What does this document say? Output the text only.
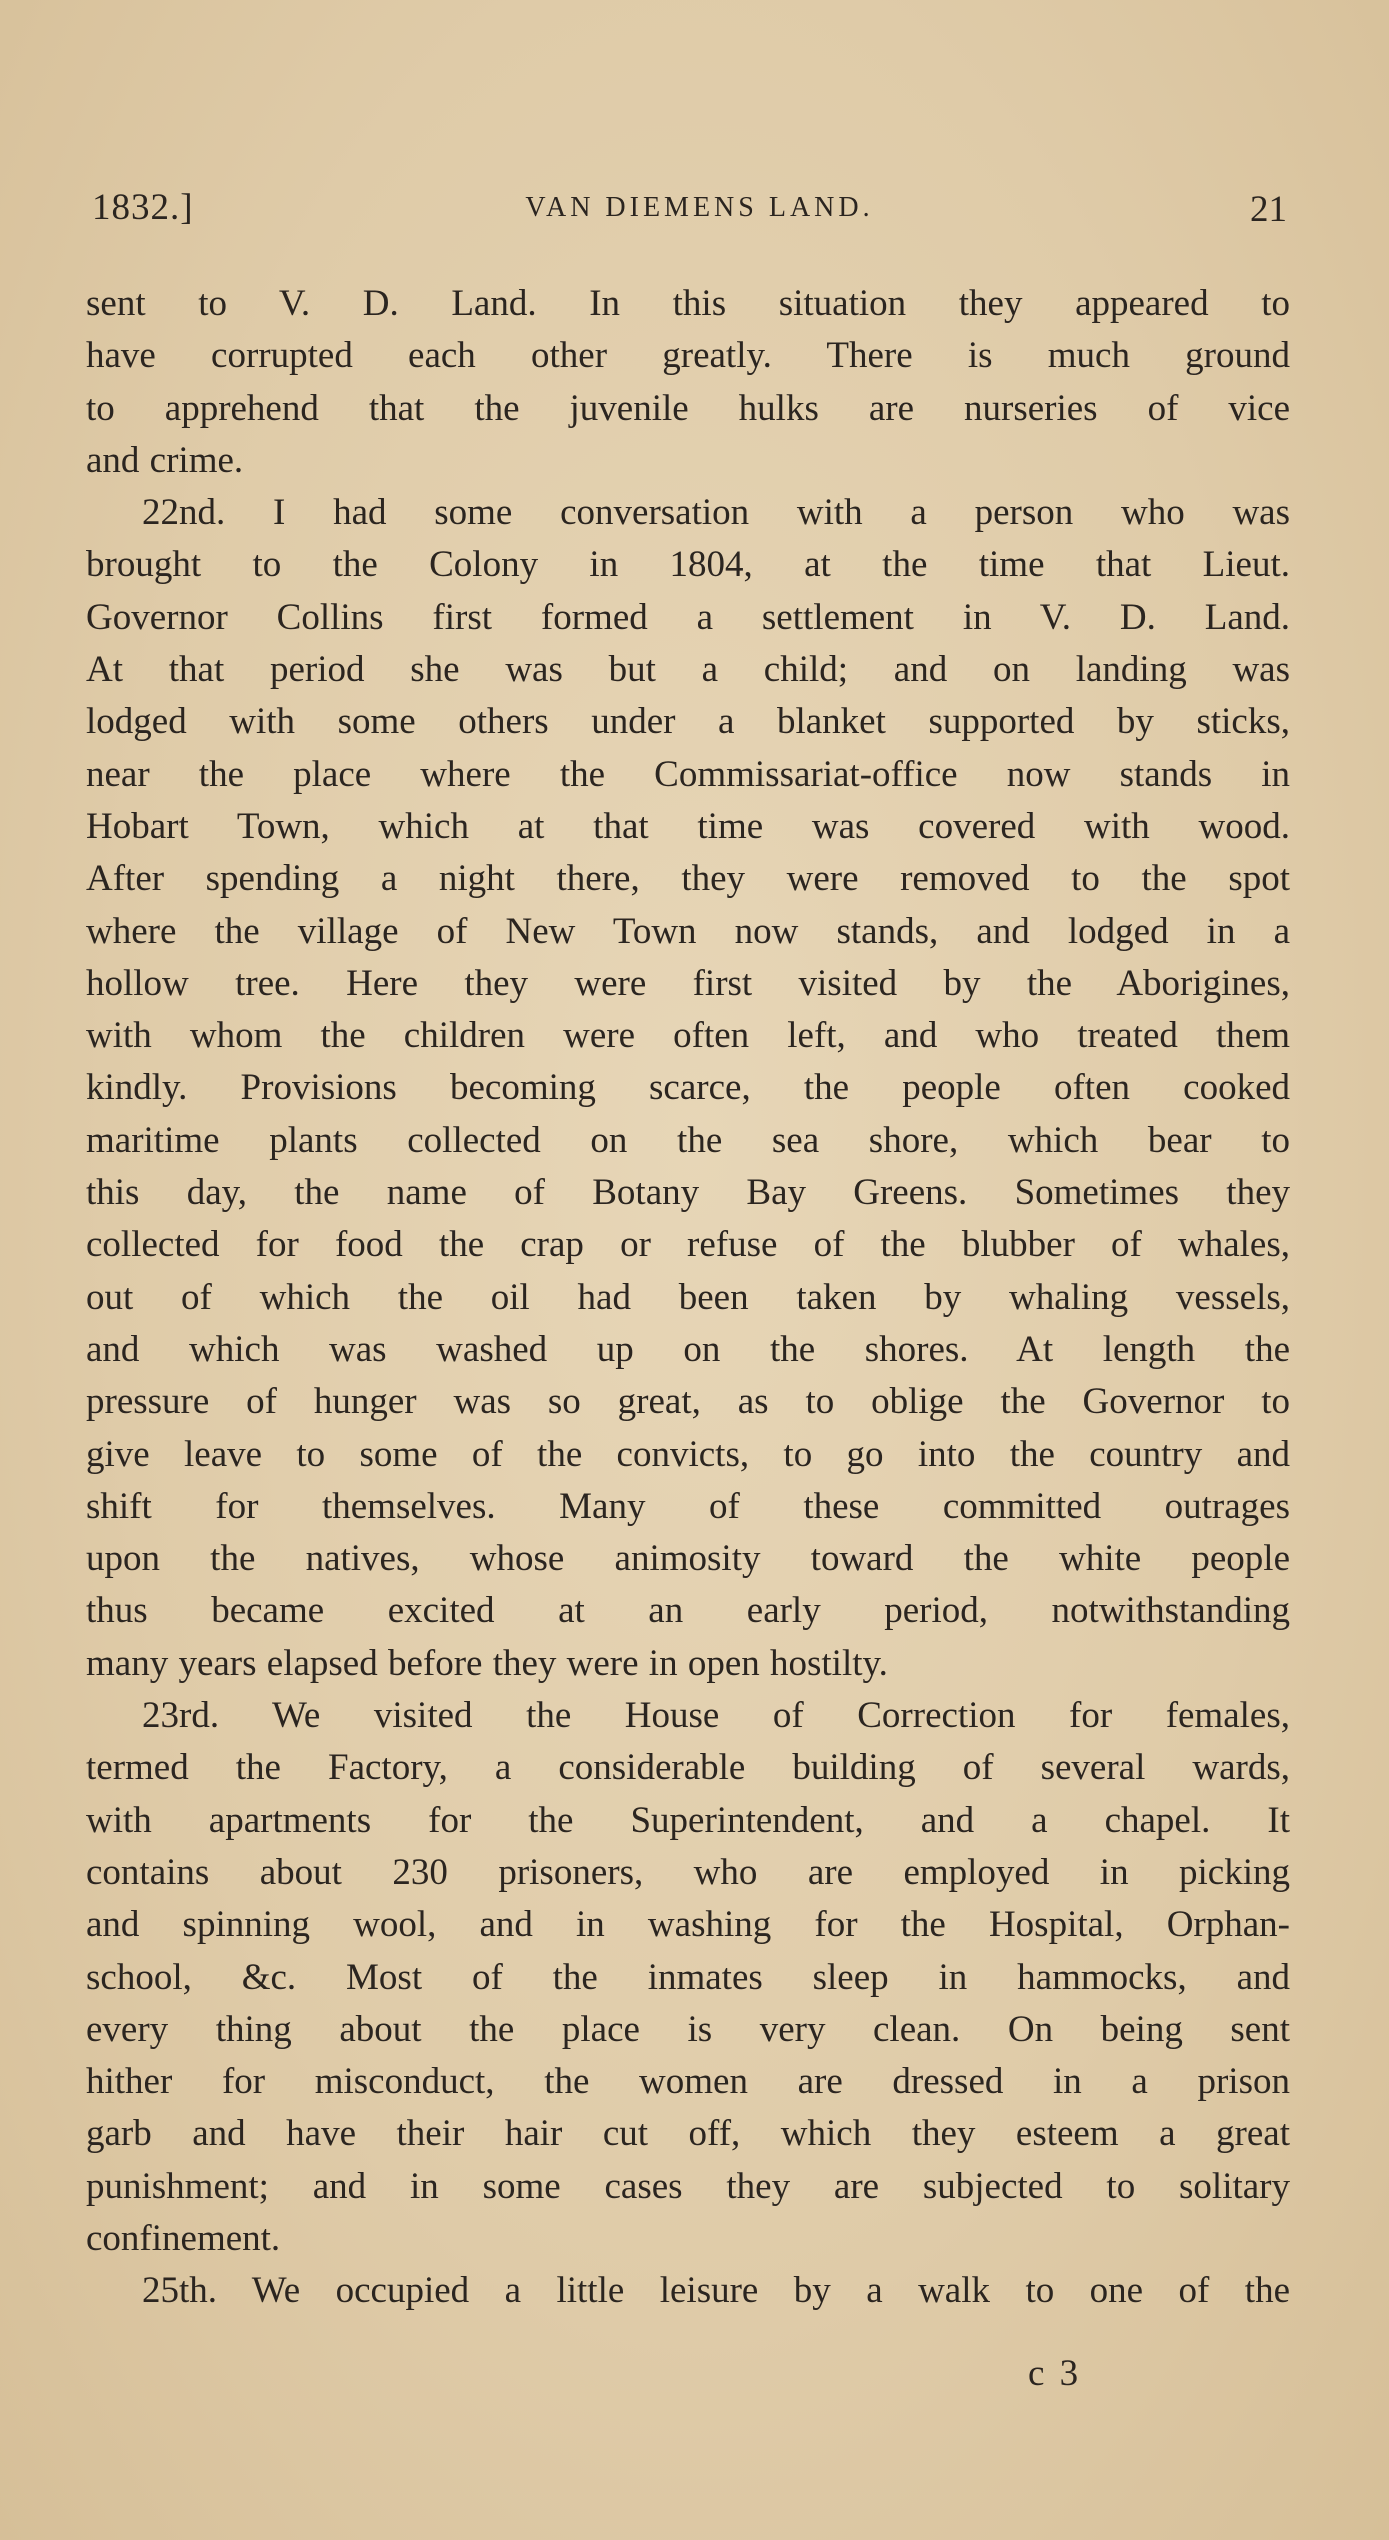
1832.]	VAN DIEMENS LAND.	21
sent to V. D. Land. In this situation they appeared to
have corrupted each other greatly. There is much ground
to apprehend that the juvenile hulks are nurseries of vice
and crime.
22nd. I had some conversation with a person who was
brought to the Colony in 1804, at the time that Lieut.
Governor Collins first formed a settlement in V. D. Land.
At that period she was but a child; and on landing was
lodged with some others under a blanket supported by sticks,
near the place where the Commissariat-office now stands in
Hobart Town, which at that time was covered with wood.
After spending a night there, they were removed to the spot
where the village of New Town now stands, and lodged in a
hollow tree. Here they were first visited by the Aborigines,
with whom the children were often left, and who treated them
kindly. Provisions becoming scarce, the people often cooked
maritime plants collected on the sea shore, which bear to
this day, the name of Botany Bay Greens. Sometimes they
collected for food the crap or refuse of the blubber of whales,
out of which the oil had been taken by whaling vessels,
and which was washed up on the shores. At length the
pressure of hunger was so great, as to oblige the Governor to
give leave to some of the convicts, to go into the country and
shift for themselves. Many of these committed outrages
upon the natives, whose animosity toward the white people
thus became excited at an early period, notwithstanding
many years elapsed before they were in open hostilty.
23rd. We visited the House of Correction for females,
termed the Factory, a considerable building of several wards,
with apartments for the Superintendent, and a chapel. It
contains about 230 prisoners, who are employed in picking
and spinning wool, and in washing for the Hospital, Orphan-
school, &c. Most of the inmates sleep in hammocks, and
every thing about the place is very clean. On being sent
hither for misconduct, the women are dressed in a prison
garb and have their hair cut off, which they esteem a great
punishment; and in some cases they are subjected to solitary
confinement.
25th. We occupied a little leisure by a walk to one of the
c 3
